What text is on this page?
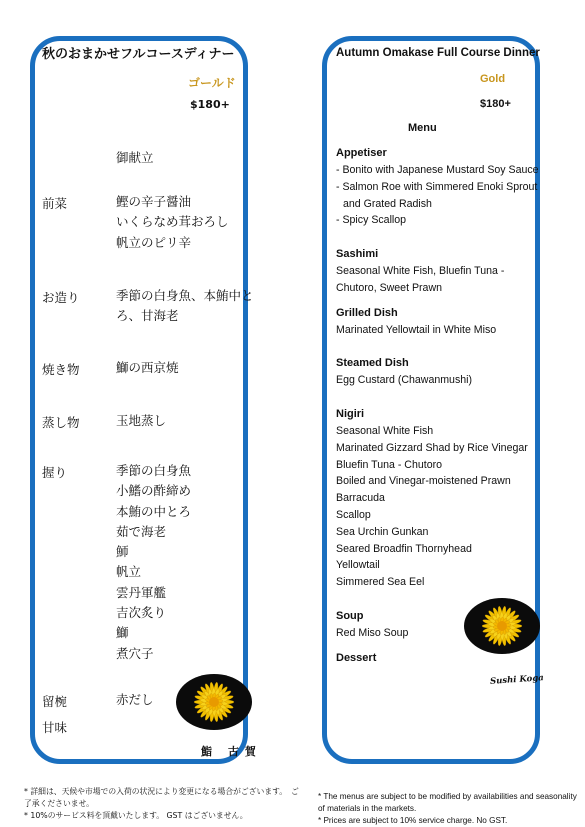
秋のおまかせフルコースディナー
ゴールド
$180+
御献立
前菜	鰹の辛子醤油
いくらなめ茸おろし
帆立のピリ辛
お造り	季節の白身魚、本鮪中と
ろ、甘海老
焼き物	鰤の西京焼
蒸し物	玉地蒸し
握り	季節の白身魚
小鰭の酢締め
本鮪の中とろ
茹で海老
魳
帆立
雲丹軍艦
吉次炙り
鰤
煮穴子
留椀	赤だし
甘味
鮨 古賀
* 詳細は、天候や市場での入荷の状況により変更になる場合がございます。　ご了承くださいませ。
* 10%のサービス料を頂戴いたします。 GST はございません。
Autumn Omakase Full Course Dinner
Gold
$180+
Menu
Appetiser
- Bonito with Japanese Mustard Soy Sauce
- Salmon Roe with Simmered Enoki Sprout
and Grated Radish
- Spicy Scallop
Sashimi
Seasonal White Fish, Bluefin Tuna -
Chutoro, Sweet Prawn
Grilled Dish
Marinated Yellowtail in White Miso
Steamed Dish
Egg Custard (Chawanmushi)
Nigiri
Seasonal White Fish
Marinated Gizzard Shad by Rice Vinegar
Bluefin Tuna - Chutoro
Boiled and Vinegar-moistened Prawn
Barracuda
Scallop
Sea Urchin Gunkan
Seared Broadfin Thornyhead
Yellowtail
Simmered Sea Eel
Soup
Red Miso Soup
Dessert
Sushi Koga
* The menus are subject to be modified by availabilities and seasonality of materials in the markets.
* Prices are subject to 10% service charge. No GST.
